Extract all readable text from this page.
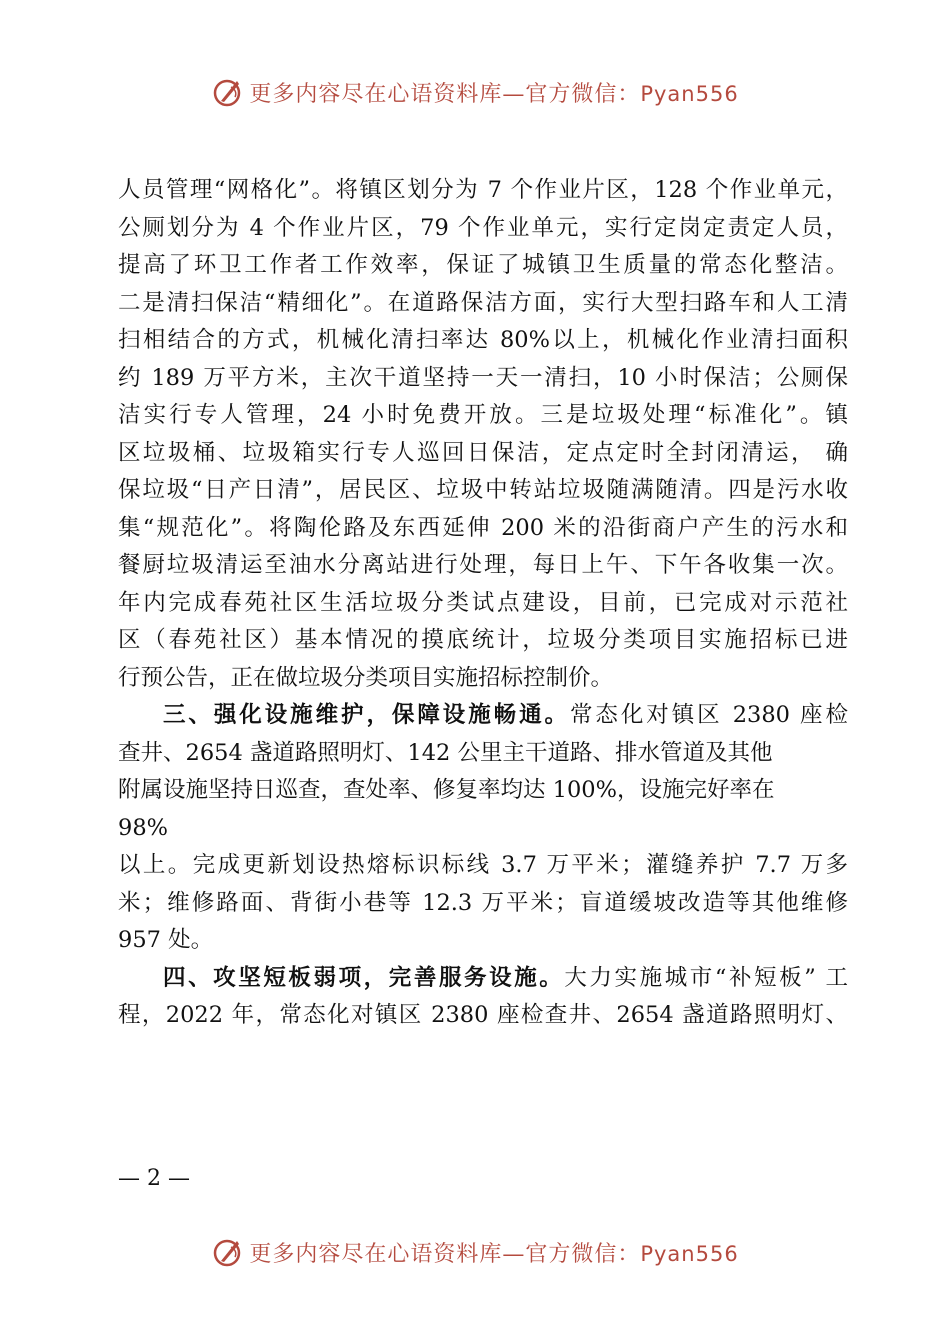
更多内容尽在心语资料库—官方微信：Pyan556
人员管理“网格化”。将镇区划分为 7 个作业片区，128 个作业单元，
公厕划分为 4 个作业片区，79 个作业单元，实行定岗定责定人员，
提高了环卫工作者工作效率，保证了城镇卫生质量的常态化整洁。
二是清扫保洁“精细化”。在道路保洁方面，实行大型扫路车和人工清
扫相结合的方式，机械化清扫率达 80%以上，机械化作业清扫面积
约 189 万平方米，主次干道坚持一天一清扫，10 小时保洁；公厕保
洁实行专人管理，24 小时免费开放。三是垃圾处理“标准化”。镇
区垃圾桶、垃圾箱实行专人巡回日保洁，定点定时全封闭清运， 确
保垃圾“日产日清”，居民区、垃圾中转站垃圾随满随清。四是污水收
集“规范化”。将陶伦路及东西延伸 200 米的沿街商户产生的污水和
餐厨垃圾清运至油水分离站进行处理，每日上午、下午各收集一次。
年内完成春苑社区生活垃圾分类试点建设，目前，已完成对示范社
区（春苑社区）基本情况的摸底统计，垃圾分类项目实施招标已进
行预公告，正在做垃圾分类项目实施招标控制价。
三、强化设施维护，保障设施畅通。常态化对镇区 2380 座检
查井、2654 盏道路照明灯、142 公里主干道路、排水管道及其他
附属设施坚持日巡查，查处率、修复率均达 100%，设施完好率在
98%
以上。完成更新划设热熔标识标线 3.7 万平米；灌缝养护 7.7 万多
米；维修路面、背街小巷等 12.3 万平米；盲道缓坡改造等其他维修
957 处。
四、攻坚短板弱项，完善服务设施。大力实施城市“补短板” 工
程，2022 年，常态化对镇区 2380 座检查井、2654 盏道路照明灯、
— 2 —
更多内容尽在心语资料库—官方微信：Pyan556
